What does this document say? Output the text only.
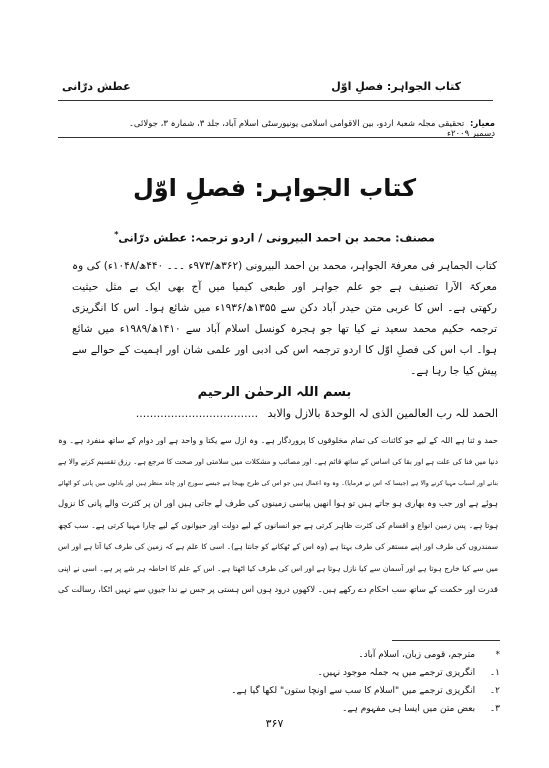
کتاب الجواہر: فصلِ اوّل
عطش درّانی
معیار: تحقیقی مجلہ شعبۂ اردو، بین الاقوامی اسلامی یونیورسٹی اسلام آباد، جلد ۳، شمارہ ۳، جولائی۔دسمبر ۲۰۰۹ء
کتاب الجواہر: فصلِ اوّل
مصنف: محمد بن احمد البیرونی / اردو ترجمہ: عطش درّانی*
کتاب الجماہر فی معرفۃ الجواہر، محمد بن احمد البیرونی (۳۶۲ھ/۹۷۳ء ۔۔۔ ۴۴۰ھ/۱۰۴۸ء) کی وہ
معرکۃ الآرا تصنیف ہے جو علم جواہر اور طبعی کیمیا میں آج بھی ایک بے مثل حیثیت
رکھتی ہے۔ اس کا عربی متن حیدر آباد دکن سے ۱۳۵۵ھ/۱۹۳۶ء میں شائع ہوا۔ اس کا انگریزی
ترجمہ حکیم محمد سعید نے کیا تھا جو ہجرہ کونسل اسلام آباد سے ۱۴۱۰ھ/۱۹۸۹ء میں شائع
ہوا۔ اب اس کی فصلِ اوّل کا اردو ترجمہ اس کی ادبی اور علمی شان اور اہمیت کے حوالے سے
پیش کیا جا رہا ہے۔
بسم اللہ الرحمٰن الرحیم
الحمد للہ رب العالمین الذی لہ الوحدۃ بالازل والابد ...................................
حمد و ثنا ہے اللہ کے لیے جو کائنات کی تمام مخلوقوں کا پروردگار ہے۔ وہ ازل سے یکتا و واحد ہے اور دوام کے ساتھ منفرد ہے۔ وہ
دنیا میں فنا کی علت ہے اور بقا کی اساس کے ساتھ قائم ہے۔ اور مصائب و مشکلات میں سلامتی اور صحت کا مرجع ہے۔ رزق تقسیم کرنے والا ہے
بنانے اور اسباب مہیا کرنے والا ہے (جیسا کہ اس نے فرمایا)۔ وہ وہ اعمال ہیں جو اس کی طرح بھیجا ہے جیسے سورج اور چاند منظر ہیں اور بادلوں میں پانی کو اٹھائے
ہوئے ہے اور جب وہ بھاری ہو جاتے ہیں تو ہوا انھیں پیاسی زمینوں کی طرف لے جاتی ہیں اور ان پر کثرت والے پانی کا نزول
ہوتا ہے۔ پس زمین انواع و اقسام کی کثرت ظاہر کرتی ہے جو انسانوں کے لیے دولت اور حیوانوں کے لیے چارا مہیا کرتی ہے۔ سب کچھ
سمندروں کی طرف اور اپنے مستقر کی طرف بہتا ہے (وہ اس کے ٹھکانے کو جانتا ہے)۔ اسی کا علم ہے کہ زمین کی طرف کیا آتا ہے اور اس
میں سے کیا خارج ہوتا ہے اور آسمان سے کیا نازل ہوتا ہے اور اس کی طرف کیا اٹھتا ہے۔ اس کے علم کا احاطہ ہر شے پر ہے۔ اسی نے اپنی
قدرت اور حکمت کے ساتھ سب احکام دے رکھے ہیں۔ لاکھوں درود ہوں اس ہستی پر جس نے ندا جیوں سے نہیں اٹکا، رسالت کی
* مترجم، قومی زبان، اسلام آباد۔
۱۔ انگریزی ترجمے میں یہ جملہ موجود نہیں۔
۲۔ انگریزی ترجمے میں "اسلام کا سب سے اونچا ستون" لکھا گیا ہے۔
۳۔ بعض متن میں ایسا ہی مفہوم ہے۔
۳۶۷
